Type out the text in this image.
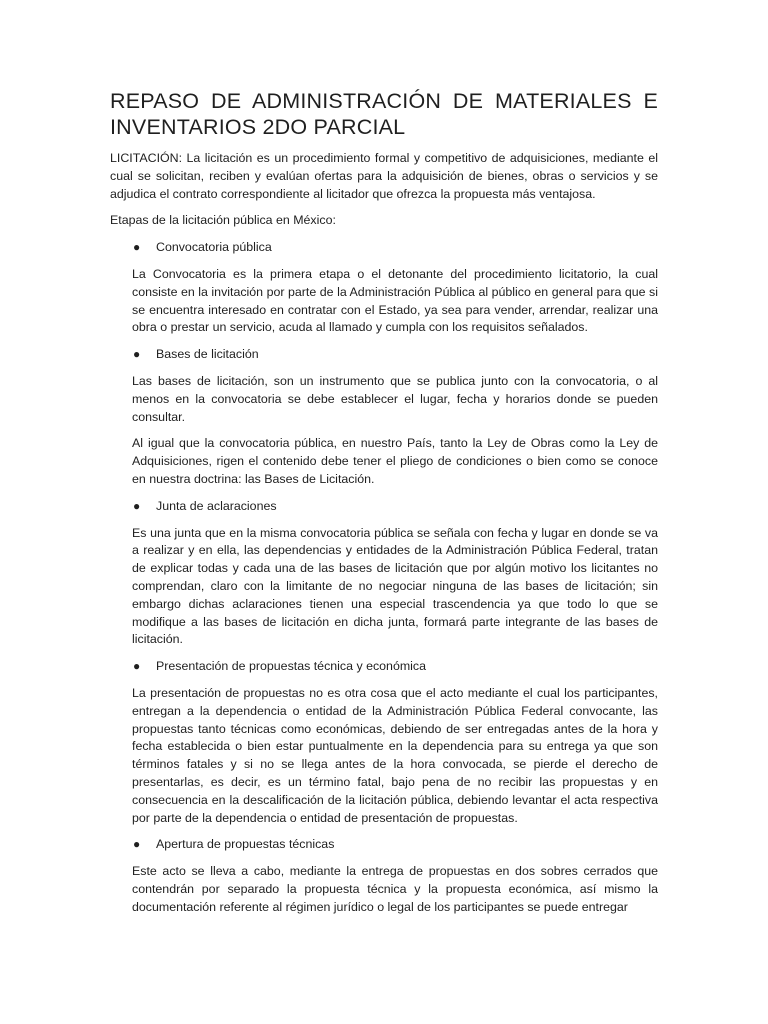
REPASO DE ADMINISTRACIÓN DE MATERIALES E
INVENTARIOS 2DO PARCIAL

LICITACIÓN: La licitación es un procedimiento formal y competitivo de adquisiciones, mediante el cual se solicitan, reciben y evalúan ofertas para la adquisición de bienes, obras o servicios y se adjudica el contrato correspondiente al licitador que ofrezca la propuesta más ventajosa.

Etapas de la licitación pública en México:

● Convocatoria pública

La Convocatoria es la primera etapa o el detonante del procedimiento licitatorio, la cual consiste en la invitación por parte de la Administración Pública al público en general para que si se encuentra interesado en contratar con el Estado, ya sea para vender, arrendar, realizar una obra o prestar un servicio, acuda al llamado y cumpla con los requisitos señalados.

● Bases de licitación

Las bases de licitación, son un instrumento que se publica junto con la convocatoria, o al menos en la convocatoria se debe establecer el lugar, fecha y horarios donde se pueden consultar.

Al igual que la convocatoria pública, en nuestro País, tanto la Ley de Obras como la Ley de Adquisiciones, rigen el contenido debe tener el pliego de condiciones o bien como se conoce en nuestra doctrina: las Bases de Licitación.

● Junta de aclaraciones

Es una junta que en la misma convocatoria pública se señala con fecha y lugar en donde se va a realizar y en ella, las dependencias y entidades de la Administración Pública Federal, tratan de explicar todas y cada una de las bases de licitación que por algún motivo los licitantes no comprendan, claro con la limitante de no negociar ninguna de las bases de licitación; sin embargo dichas aclaraciones tienen una especial trascendencia ya que todo lo que se modifique a las bases de licitación en dicha junta, formará parte integrante de las bases de licitación.

● Presentación de propuestas técnica y económica

La presentación de propuestas no es otra cosa que el acto mediante el cual los participantes, entregan a la dependencia o entidad de la Administración Pública Federal convocante, las propuestas tanto técnicas como económicas, debiendo de ser entregadas antes de la hora y fecha establecida o bien estar puntualmente en la dependencia para su entrega ya que son términos fatales y si no se llega antes de la hora convocada, se pierde el derecho de presentarlas, es decir, es un término fatal, bajo pena de no recibir las propuestas y en consecuencia en la descalificación de la licitación pública, debiendo levantar el acta respectiva por parte de la dependencia o entidad de presentación de propuestas.

● Apertura de propuestas técnicas

Este acto se lleva a cabo, mediante la entrega de propuestas en dos sobres cerrados que contendrán por separado la propuesta técnica y la propuesta económica, así mismo la documentación referente al régimen jurídico o legal de los participantes se puede entregar
